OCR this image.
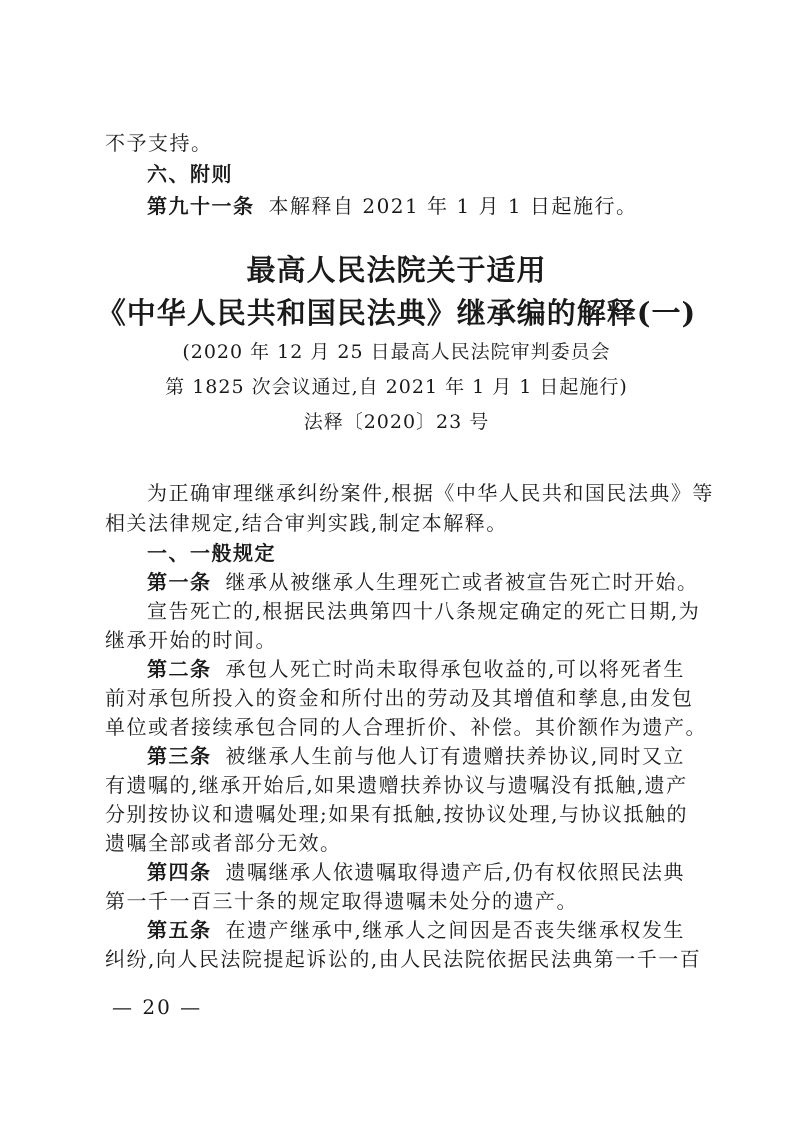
不予支持。
六、附则
第九十一条 本解释自 2021 年 1 月 1 日起施行。
最高人民法院关于适用
《中华人民共和国民法典》继承编的解释(一)
(2020 年 12 月 25 日最高人民法院审判委员会
第 1825 次会议通过,自 2021 年 1 月 1 日起施行)
法释〔2020〕23 号
为正确审理继承纠纷案件,根据《中华人民共和国民法典》等
相关法律规定,结合审判实践,制定本解释。
一、一般规定
第一条 继承从被继承人生理死亡或者被宣告死亡时开始。
宣告死亡的,根据民法典第四十八条规定确定的死亡日期,为
继承开始的时间。
第二条 承包人死亡时尚未取得承包收益的,可以将死者生
前对承包所投入的资金和所付出的劳动及其增值和孳息,由发包
单位或者接续承包合同的人合理折价、补偿。其价额作为遗产。
第三条 被继承人生前与他人订有遗赠扶养协议,同时又立
有遗嘱的,继承开始后,如果遗赠扶养协议与遗嘱没有抵触,遗产
分别按协议和遗嘱处理;如果有抵触,按协议处理,与协议抵触的
遗嘱全部或者部分无效。
第四条 遗嘱继承人依遗嘱取得遗产后,仍有权依照民法典
第一千一百三十条的规定取得遗嘱未处分的遗产。
第五条 在遗产继承中,继承人之间因是否丧失继承权发生
纠纷,向人民法院提起诉讼的,由人民法院依据民法典第一千一百
— 20 —
